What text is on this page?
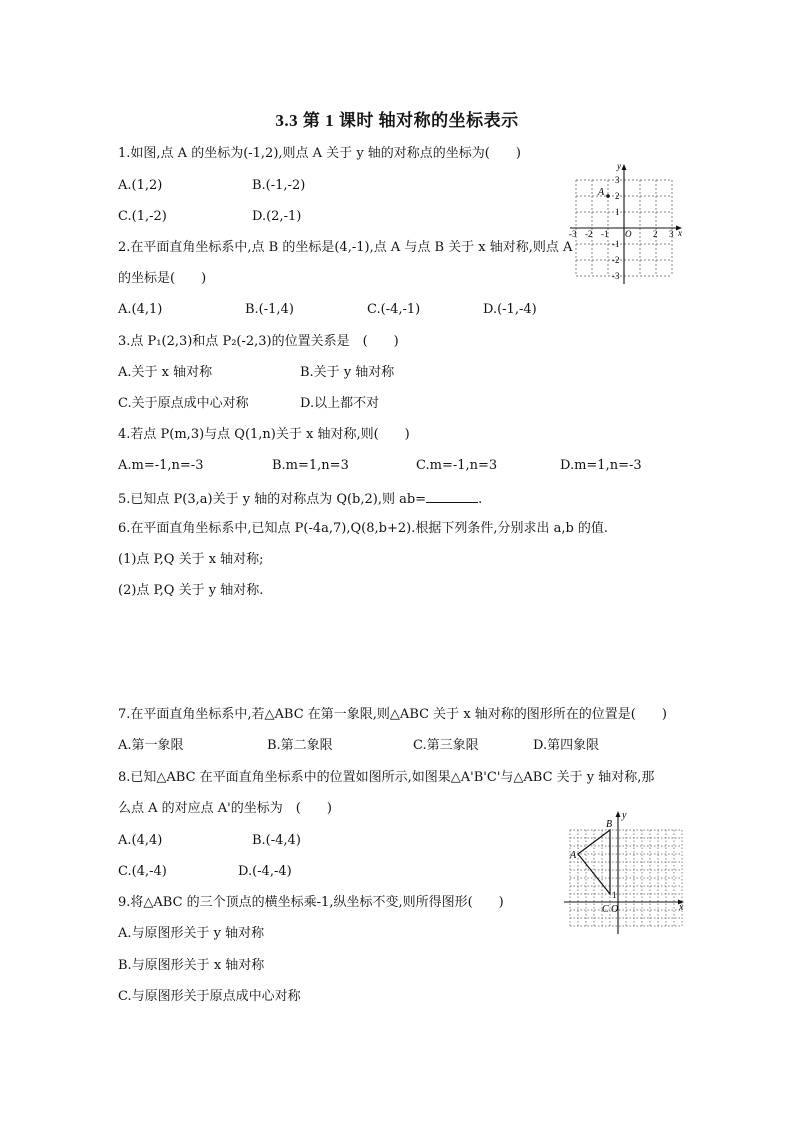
3.3 第 1 课时 轴对称的坐标表示
1.如图,点 A 的坐标为(-1,2),则点 A 关于 y 轴的对称点的坐标为(　　)
A.(1,2)	B.(-1,-2)
C.(1,-2)	D.(2,-1)
2.在平面直角坐标系中,点 B 的坐标是(4,-1),点 A 与点 B 关于 x 轴对称,则点 A
的坐标是(　　)
A.(4,1)	B.(-1,4)	C.(-4,-1)	D.(-1,-4)
3.点 P₁(2,3)和点 P₂(-2,3)的位置关系是　(　　)
A.关于 x 轴对称	B.关于 y 轴对称
C.关于原点成中心对称	D.以上都不对
4.若点 P(m,3)与点 Q(1,n)关于 x 轴对称,则(　　)
A.m=-1,n=-3	B.m=1,n=3	C.m=-1,n=3	D.m=1,n=-3
5.已知点 P(3,a)关于 y 轴的对称点为 Q(b,2),则 ab=	.
6.在平面直角坐标系中,已知点 P(-4a,7),Q(8,b+2).根据下列条件,分别求出 a,b 的值.
(1)点 P,Q 关于 x 轴对称;
(2)点 P,Q 关于 y 轴对称.
7.在平面直角坐标系中,若△ABC 在第一象限,则△ABC 关于 x 轴对称的图形所在的位置是(　　)
A.第一象限	B.第二象限	C.第三象限	D.第四象限
8.已知△ABC 在平面直角坐标系中的位置如图所示,如图果△A'B'C'与△ABC 关于 y 轴对称,那
么点 A 的对应点 A'的坐标为　(　　)
A.(4,4)	B.(-4,4)
C.(4,-4)	D.(-4,-4)
9.将△ABC 的三个顶点的横坐标乘-1,纵坐标不变,则所得图形(　　)
A.与原图形关于 y 轴对称
B.与原图形关于 x 轴对称
C.与原图形关于原点成中心对称
x
y
O
-3 -2 -1	2 3
3
2
1
-1
-2
-3
A
x
y
B
A
C O
1
